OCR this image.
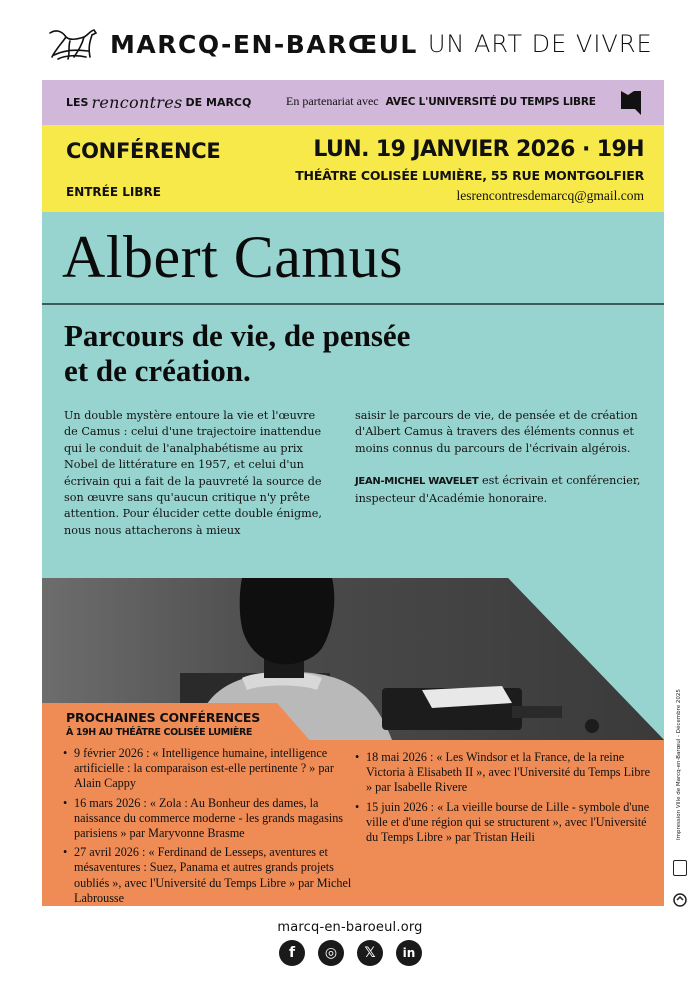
MARCQ-EN-BARŒUL UN ART DE VIVRE
LES rencontres DE MARCQ	En partenariat avec AVEC L'UNIVERSITÉ DU TEMPS LIBRE
CONFÉRENCE
ENTRÉE LIBRE
LUN. 19 JANVIER 2026 · 19H
THÉÂTRE COLISÉE LUMIÈRE, 55 RUE MONTGOLFIER
lesrencontresdemarcq@gmail.com
Albert Camus
Parcours de vie, de pensée
et de création.

Un double mystère entoure la vie et l'œuvre de Camus : celui d'une trajectoire inattendue qui le conduit de l'analphabétisme au prix Nobel de littérature en 1957, et celui d'un écrivain qui a fait de la pauvreté la source de son œuvre sans qu'aucun critique n'y prête attention. Pour élucider cette double énigme, nous nous attacherons à mieux

saisir le parcours de vie, de pensée et de création d'Albert Camus à travers des éléments connus et moins connus du parcours de l'écrivain algérois.

JEAN-MICHEL WAVELET est écrivain et conférencier, inspecteur d'Académie honoraire.

PROCHAINES CONFÉRENCES
À 19H AU THÉÂTRE COLISÉE LUMIÈRE
• 9 février 2026 : « Intelligence humaine, intelligence artificielle : la comparaison est-elle pertinente ? » par Alain Cappy
• 16 mars 2026 : « Zola : Au Bonheur des dames, la naissance du commerce moderne - les grands magasins parisiens » par Maryvonne Brasme
• 27 avril 2026 : « Ferdinand de Lesseps, aventures et mésaventures : Suez, Panama et autres grands projets oubliés », avec l'Université du Temps Libre » par Michel Labrousse
• 18 mai 2026 : « Les Windsor et la France, de la reine Victoria à Elisabeth II », avec l'Université du Temps Libre » par Isabelle Rivere
• 15 juin 2026 : « La vieille bourse de Lille - symbole d'une ville et d'une région qui se structurent », avec l'Université du Temps Libre » par Tristan Heili	Impression Ville de Marcq-en-Barœul - Décembre 2025
marcq-en-baroeul.org
f	◎	𝕏	in
